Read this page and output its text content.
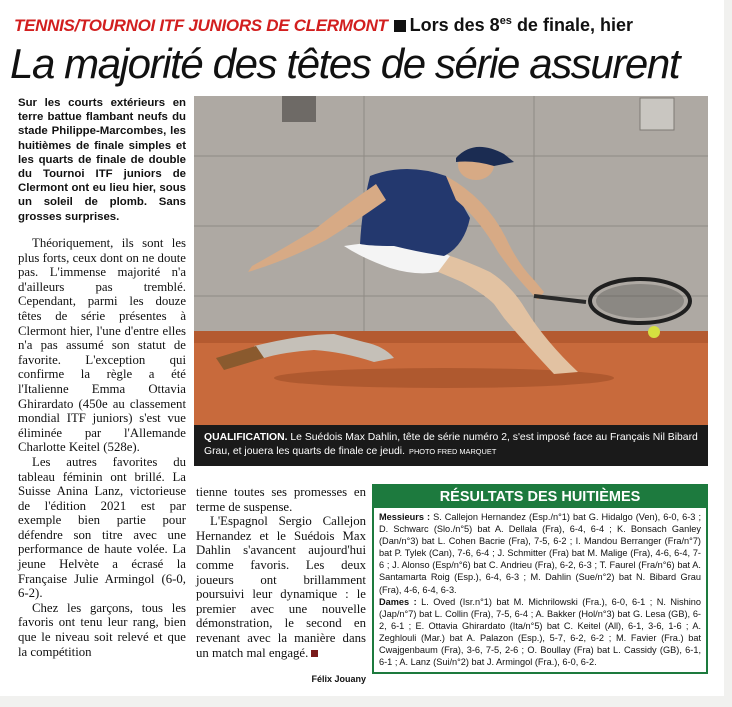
TENNIS/TOURNOI ITF JUNIORS DE CLERMONT Lors des $8^{es}$ de finale, hier
La majorité des têtes de série assurent

Sur les courts extérieurs en terre battue flambant neufs du stade Philippe-Marcombes, les huitièmes de finale simples et les quarts de finale de double du Tournoi ITF juniors de Clermont ont eu lieu hier, sous un soleil de plomb. Sans grosses surprises.

Théoriquement, ils sont les plus forts, ceux dont on ne doute pas. L'immense majorité n'a d'ailleurs pas tremblé. Cependant, parmi les douze têtes de série présentes à Clermont hier, l'une d'entre elles n'a pas assumé son statut de favorite. L'exception qui confirme la règle a été l'Italienne Emma Ottavia Ghirardato (450e au classement mondial ITF juniors) s'est vue éliminée par l'Allemande Charlotte Keitel (528e).

Les autres favorites du tableau féminin ont brillé. La Suisse Anina Lanz, victorieuse de l'édition 2021 est par exemple bien partie pour défendre son titre avec une performance de haute volée. La jeune Helvète a écrasé la Française Julie Armingol (6-0, 6-2).

Chez les garçons, tous les favoris ont tenu leur rang, bien que le niveau soit relevé et que la compétition

QUALIFICATION. Le Suédois Max Dahlin, tête de série numéro 2, s'est imposé face au Français Nil Bibard Grau, et jouera les quarts de finale ce jeudi. PHOTO FRED MARQUET

tienne toutes ses promesses en terme de suspense.

L'Espagnol Sergio Callejon Hernandez et le Suédois Max Dahlin s'avancent aujourd'hui comme favoris. Les deux joueurs ont brillamment poursuivi leur dynamique : le premier avec une nouvelle démonstration, le second en revenant avec la manière dans un match mal engagé.

Félix Jouany
RÉSULTATS DES HUITIÈMES

Messieurs : S. Callejon Hernandez (Esp./n°1) bat G. Hidalgo (Ven), 6-0, 6-3 ; D. Schwarc (Slo./n°5) bat A. Dellala (Fra), 6-4, 6-4 ; K. Bonsach Ganley (Dan/n°3) bat L. Cohen Bacrie (Fra), 7-5, 6-2 ; I. Mandou Berranger (Fra/n°7) bat P. Tylek (Can), 7-6, 6-4 ; J. Schmitter (Fra) bat M. Malige (Fra), 4-6, 6-4, 7-6 ; J. Alonso (Esp/n°6) bat C. Andrieu (Fra), 6-2, 6-3 ; T. Faurel (Fra/n°6) bat A. Santamarta Roig (Esp.), 6-4, 6-3 ; M. Dahlin (Sue/n°2) bat N. Bibard Grau (Fra), 4-6, 6-4, 6-3.

Dames : L. Oved (Isr.n°1) bat M. Michrilowski (Fra.), 6-0, 6-1 ; N. Nishino (Jap/n°7) bat L. Collin (Fra), 7-5, 6-4 ; A. Bakker (Hol/n°3) bat G. Lesa (GB), 6-2, 6-1 ; E. Ottavia Ghirardato (Ita/n°5) bat C. Keitel (All), 6-1, 3-6, 1-6 ; A. Zeghlouli (Mar.) bat A. Palazon (Esp.), 5-7, 6-2, 6-2 ; M. Favier (Fra.) bat Cwajgenbaum (Fra), 3-6, 7-5, 2-6 ; O. Boullay (Fra) bat L. Cassidy (GB), 6-1, 6-1 ; A. Lanz (Sui/n°2) bat J. Armingol (Fra.), 6-0, 6-2.
